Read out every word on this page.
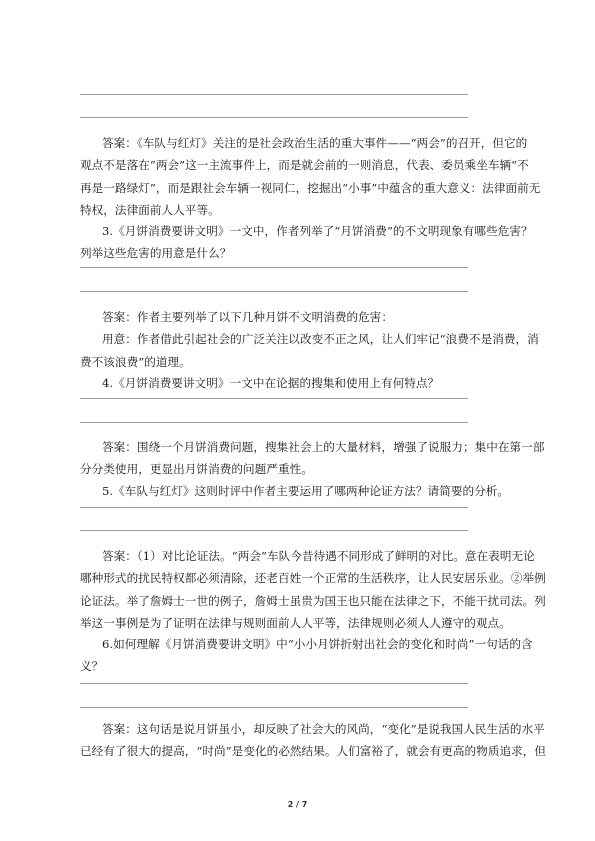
答案：《车队与红灯》关注的是社会政治生活的重大事件——“两会”的召开，但它的
观点不是落在“两会”这一主流事件上，而是就会前的一则消息，代表、委员乘坐车辆“不
再是一路绿灯”，而是跟社会车辆一视同仁，挖掘出“小事”中蕴含的重大意义：法律面前无
特权，法律面前人人平等。
3.《月饼消费要讲文明》一文中，作者列举了“月饼消费”的不文明现象有哪些危害？
列举这些危害的用意是什么？
答案：作者主要列举了以下几种月饼不文明消费的危害：
用意：作者借此引起社会的广泛关注以改变不正之风，让人们牢记“浪费不是消费，消
费不该浪费”的道理。
4.《月饼消费要讲文明》一文中在论据的搜集和使用上有何特点？
答案：围绕一个月饼消费问题，搜集社会上的大量材料，增强了说服力；集中在第一部
分分类使用，更显出月饼消费的问题严重性。
5.《车队与红灯》这则时评中作者主要运用了哪两种论证方法？请简要的分析。
答案：（1）对比论证法。“两会”车队今昔待遇不同形成了鲜明的对比。意在表明无论
哪种形式的扰民特权都必须清除，还老百姓一个正常的生活秩序，让人民安居乐业。②举例
论证法。举了詹姆士一世的例子，詹姆士虽贵为国王也只能在法律之下，不能干扰司法。列
举这一事例是为了证明在法律与规则面前人人平等，法律规则必须人人遵守的观点。
6.如何理解《月饼消费要讲文明》中“小小月饼折射出社会的变化和时尚”一句话的含
义？
答案：这句话是说月饼虽小，却反映了社会大的风尚，“变化”是说我国人民生活的水平
已经有了很大的提高，“时尚”是变化的必然结果。人们富裕了，就会有更高的物质追求，但
2 / 7
